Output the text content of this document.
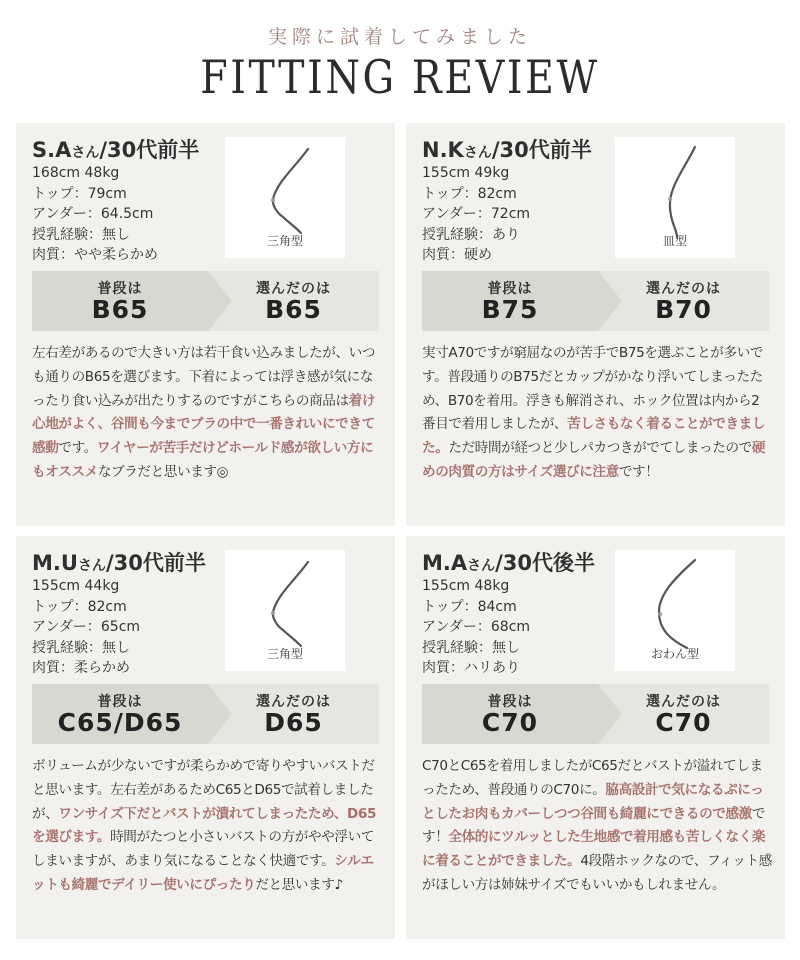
実際に試着してみました
FITTING REVIEW
S.Aさん/30代前半
168cm 48kg
トップ：79cm
アンダー：64.5cm
授乳経験：無し
肉質：やや柔らかめ
三角型
普段は
B65
選んだのは
B65
左右差があるので大きい方は若干食い込みましたが、いつも通りのB65を選びます。下着によっては浮き感が気になったり食い込みが出たりするのですがこちらの商品は着け心地がよく、谷間も今までブラの中で一番きれいにできて感動です。ワイヤーが苦手だけどホールド感が欲しい方にもオススメなブラだと思います◎
N.Kさん/30代前半
155cm 49kg
トップ：82cm
アンダー：72cm
授乳経験：あり
肉質：硬め
皿型
普段は
B75
選んだのは
B70
実寸A70ですが窮屈なのが苦手でB75を選ぶことが多いです。普段通りのB75だとカップがかなり浮いてしまったため、B70を着用。浮きも解消され、ホック位置は内から2番目で着用しましたが、苦しさもなく着ることができました。ただ時間が経つと少しパカつきがでてしまったので硬めの肉質の方はサイズ選びに注意です！
M.Uさん/30代前半
155cm 44kg
トップ：82cm
アンダー：65cm
授乳経験：無し
肉質：柔らかめ
三角型
普段は
C65/D65
選んだのは
D65
ボリュームが少ないですが柔らかめで寄りやすいバストだと思います。左右差があるためC65とD65で試着しましたが、ワンサイズ下だとバストが潰れてしまったため、D65を選びます。時間がたつと小さいバストの方がやや浮いてしまいますが、あまり気になることなく快適です。シルエットも綺麗でデイリー使いにぴったりだと思います♪
M.Aさん/30代後半
155cm 48kg
トップ：84cm
アンダー：68cm
授乳経験：無し
肉質：ハリあり
おわん型
普段は
C70
選んだのは
C70
C70とC65を着用しましたがC65だとバストが溢れてしまったため、普段通りのC70に。脇高設計で気になるぷにっとしたお肉もカバーしつつ谷間も綺麗にできるので感激です！全体的にツルッとした生地感で着用感も苦しくなく楽に着ることができました。4段階ホックなので、フィット感がほしい方は姉妹サイズでもいいかもしれません。
